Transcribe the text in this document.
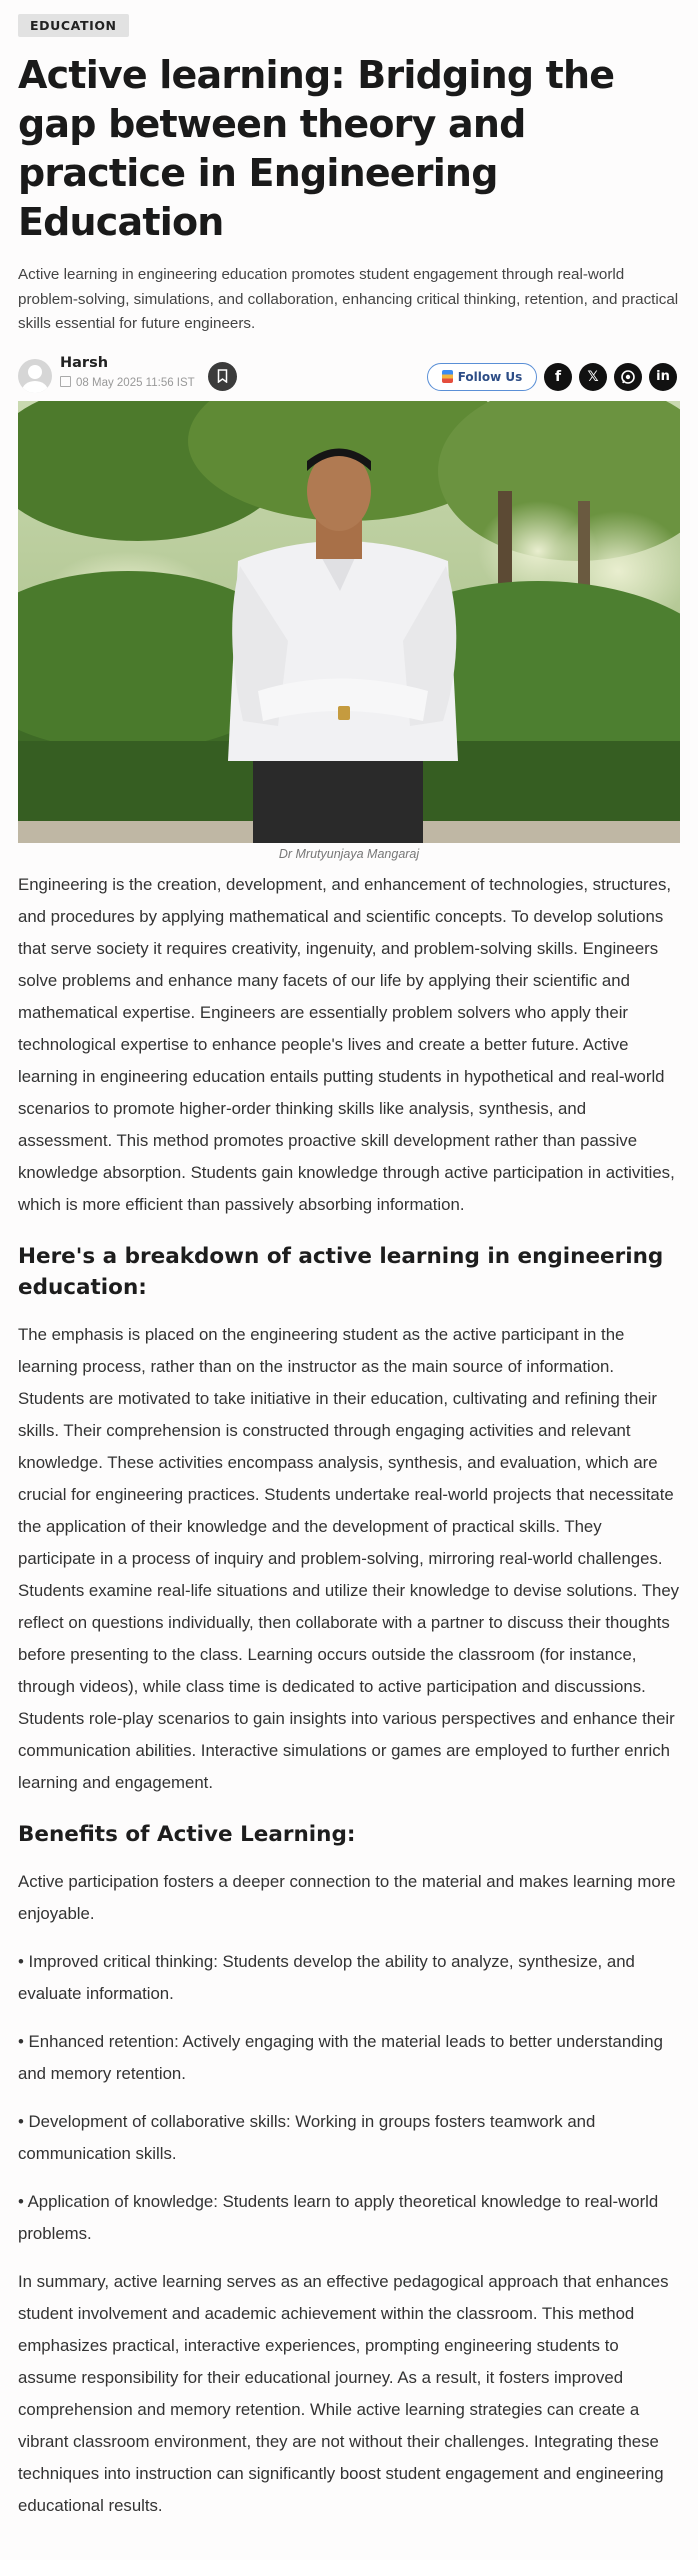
EDUCATION
Active learning: Bridging the gap between theory and practice in Engineering Education

Active learning in engineering education promotes student engagement through real-world problem-solving, simulations, and collaboration, enhancing critical thinking, retention, and practical skills essential for future engineers.

Harsh
08 May 2025 11:56 IST	Follow Us f 𝕏	in
Dr Mrutyunjaya Mangaraj

Engineering is the creation, development, and enhancement of technologies, structures, and procedures by applying mathematical and scientific concepts. To develop solutions that serve society it requires creativity, ingenuity, and problem-solving skills. Engineers solve problems and enhance many facets of our life by applying their scientific and mathematical expertise. Engineers are essentially problem solvers who apply their technological expertise to enhance people's lives and create a better future. Active learning in engineering education entails putting students in hypothetical and real-world scenarios to promote higher-order thinking skills like analysis, synthesis, and assessment. This method promotes proactive skill development rather than passive knowledge absorption. Students gain knowledge through active participation in activities, which is more efficient than passively absorbing information.

Here's a breakdown of active learning in engineering education:

The emphasis is placed on the engineering student as the active participant in the learning process, rather than on the instructor as the main source of information. Students are motivated to take initiative in their education, cultivating and refining their skills. Their comprehension is constructed through engaging activities and relevant knowledge. These activities encompass analysis, synthesis, and evaluation, which are crucial for engineering practices. Students undertake real-world projects that necessitate the application of their knowledge and the development of practical skills. They participate in a process of inquiry and problem-solving, mirroring real-world challenges. Students examine real-life situations and utilize their knowledge to devise solutions. They reflect on questions individually, then collaborate with a partner to discuss their thoughts before presenting to the class. Learning occurs outside the classroom (for instance, through videos), while class time is dedicated to active participation and discussions. Students role-play scenarios to gain insights into various perspectives and enhance their communication abilities. Interactive simulations or games are employed to further enrich learning and engagement.

Benefits of Active Learning:

Active participation fosters a deeper connection to the material and makes learning more enjoyable.

• Improved critical thinking: Students develop the ability to analyze, synthesize, and evaluate information.

• Enhanced retention: Actively engaging with the material leads to better understanding and memory retention.

• Development of collaborative skills: Working in groups fosters teamwork and communication skills.

• Application of knowledge: Students learn to apply theoretical knowledge to real-world problems.

In summary, active learning serves as an effective pedagogical approach that enhances student involvement and academic achievement within the classroom. This method emphasizes practical, interactive experiences, prompting engineering students to assume responsibility for their educational journey. As a result, it fosters improved comprehension and memory retention. While active learning strategies can create a vibrant classroom environment, they are not without their challenges. Integrating these techniques into instruction can significantly boost student engagement and engineering educational results.
